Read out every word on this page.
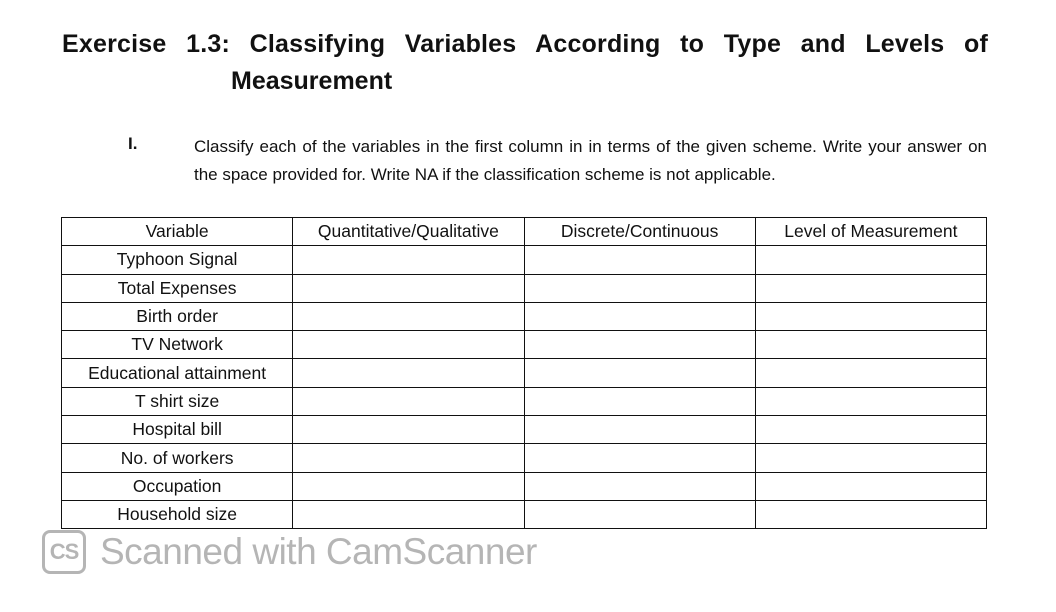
Exercise 1.3: Classifying Variables According to Type and Levels of
Measurement
I.	Classify each of the variables in the first column in in terms of the given scheme. Write your answer on the space provided for. Write NA if the classification scheme is not applicable.
Variable	Quantitative/Qualitative	Discrete/Continuous	Level of Measurement
Typhoon Signal			
Total Expenses			
Birth order			
TV Network			
Educational attainment			
T shirt size			
Hospital bill			
No. of workers			
Occupation			
Household size			
CS Scanned with CamScanner
